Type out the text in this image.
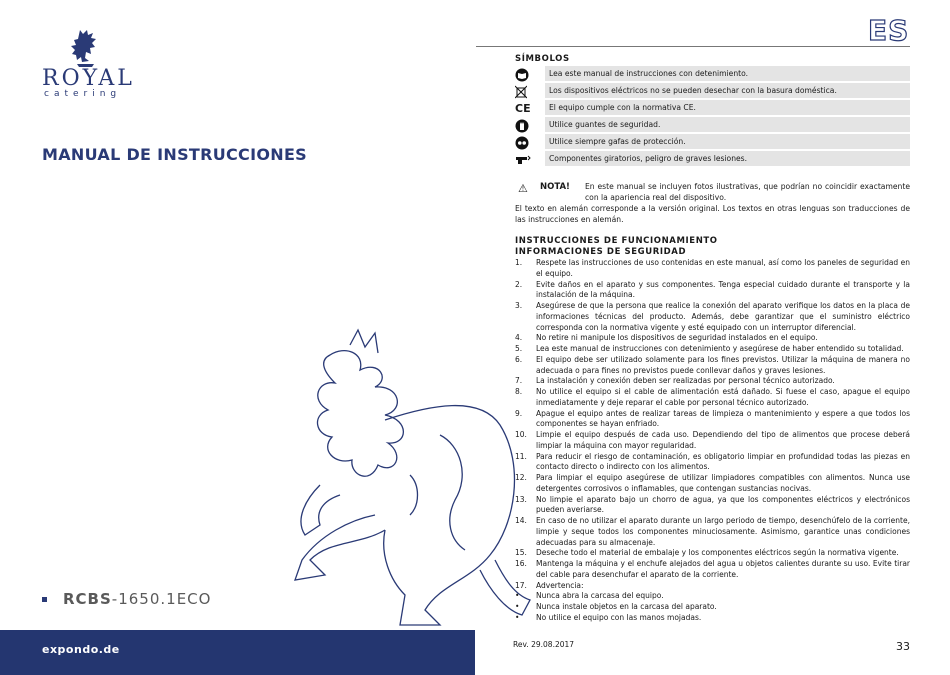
ROYAL
catering
MANUAL DE INSTRUCCIONES
RCBS-1650.1ECO
expondo.de
ES
SÍMBOLOS
Lea este manual de instrucciones con detenimiento.
Los dispositivos eléctricos no se pueden desechar con la basura doméstica.
CE	El equipo cumple con la normativa CE.
Utilice guantes de seguridad.
Utilice siempre gafas de protección.
Componentes giratorios, peligro de graves lesiones.
⚠ NOTA! En este manual se incluyen fotos ilustrativas, que podrían no coincidir exactamente con la apariencia real del dispositivo.
El texto en alemán corresponde a la versión original. Los textos en otras lenguas son traducciones de las instrucciones en alemán.
INSTRUCCIONES DE FUNCIONAMIENTO
INFORMACIONES DE SEGURIDAD
1.	Respete las instrucciones de uso contenidas en este manual, así como los paneles de seguridad en el equipo.
2.	Evite daños en el aparato y sus componentes. Tenga especial cuidado durante el transporte y la instalación de la máquina.
3.	Asegúrese de que la persona que realice la conexión del aparato verifique los datos en la placa de informaciones técnicas del producto. Además, debe garantizar que el suministro eléctrico corresponda con la normativa vigente y esté equipado con un interruptor diferencial.
4.	No retire ni manipule los dispositivos de seguridad instalados en el equipo.
5.	Lea este manual de instrucciones con detenimiento y asegúrese de haber entendido su totalidad.
6.	El equipo debe ser utilizado solamente para los fines previstos. Utilizar la máquina de manera no adecuada o para fines no previstos puede conllevar daños y graves lesiones.
7.	La instalación y conexión deben ser realizadas por personal técnico autorizado.
8.	No utilice el equipo si el cable de alimentación está dañado. Si fuese el caso, apague el equipo inmediatamente y deje reparar el cable por personal técnico autorizado.
9.	Apague el equipo antes de realizar tareas de limpieza o mantenimiento y espere a que todos los componentes se hayan enfriado.
10.	Limpie el equipo después de cada uso. Dependiendo del tipo de alimentos que procese deberá limpiar la máquina con mayor regularidad.
11.	Para reducir el riesgo de contaminación, es obligatorio limpiar en profundidad todas las piezas en contacto directo o indirecto con los alimentos.
12.	Para limpiar el equipo asegúrese de utilizar limpiadores compatibles con alimentos. Nunca use detergentes corrosivos o inflamables, que contengan sustancias nocivas.
13.	No limpie el aparato bajo un chorro de agua, ya que los componentes eléctricos y electrónicos pueden averiarse.
14.	En caso de no utilizar el aparato durante un largo periodo de tiempo, desenchúfelo de la corriente, limpie y seque todos los componentes minuciosamente. Asimismo, garantice unas condiciones adecuadas para su almacenaje.
15.	Deseche todo el material de embalaje y los componentes eléctricos según la normativa vigente.
16.	Mantenga la máquina y el enchufe alejados del agua u objetos calientes durante su uso. Evite tirar del cable para desenchufar el aparato de la corriente.
17.	Advertencia:
•	Nunca abra la carcasa del equipo.
•	Nunca instale objetos en la carcasa del aparato.
•	No utilice el equipo con las manos mojadas.
Rev. 29.08.2017	33
